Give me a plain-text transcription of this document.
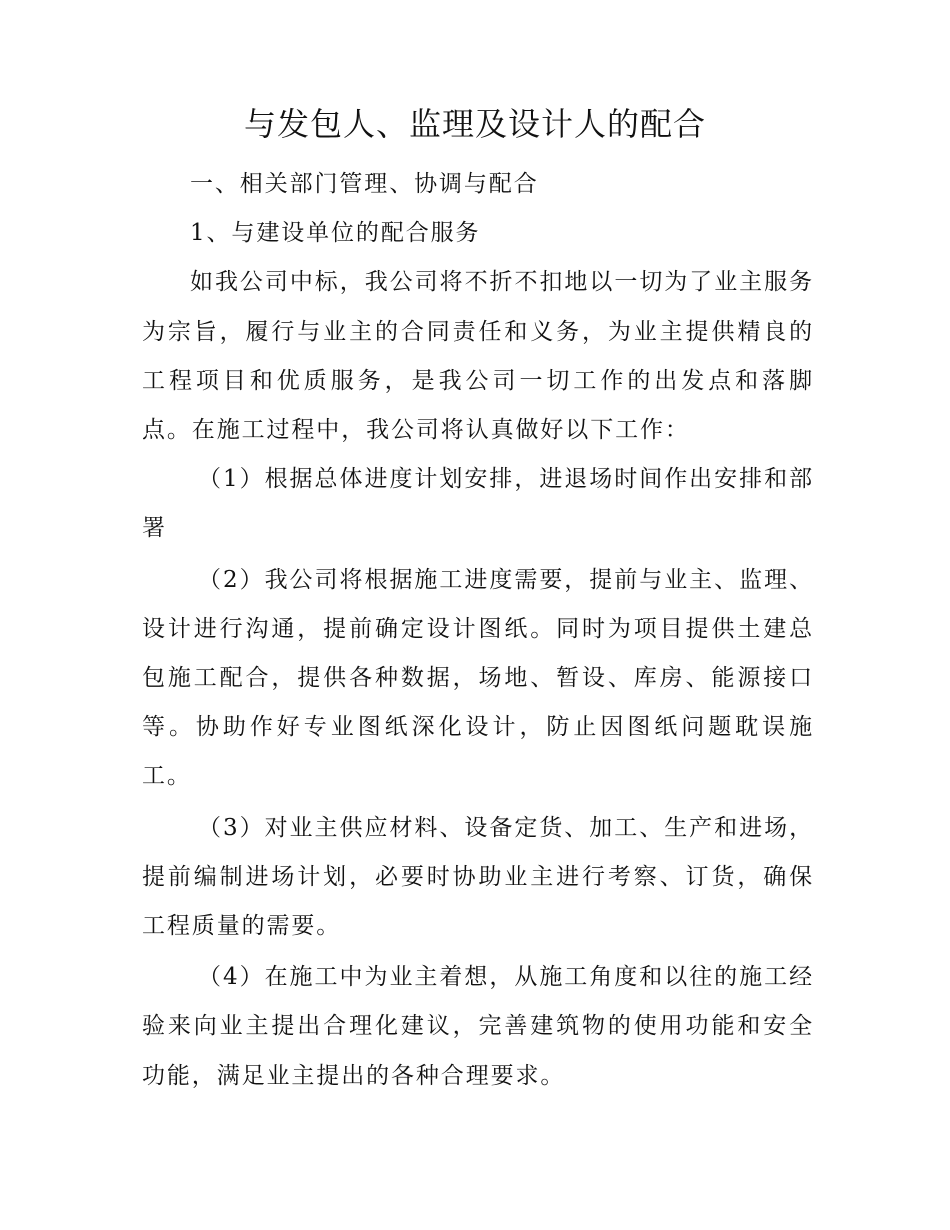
与发包人、监理及设计人的配合

一、相关部门管理、协调与配合

1、与建设单位的配合服务

如我公司中标，我公司将不折不扣地以一切为了业主服务为宗旨，履行与业主的合同责任和义务，为业主提供精良的工程项目和优质服务，是我公司一切工作的出发点和落脚点。在施工过程中，我公司将认真做好以下工作：

（1）根据总体进度计划安排，进退场时间作出安排和部署

（2）我公司将根据施工进度需要，提前与业主、监理、设计进行沟通，提前确定设计图纸。同时为项目提供土建总包施工配合，提供各种数据，场地、暂设、库房、能源接口等。协助作好专业图纸深化设计，防止因图纸问题耽误施工。

（3）对业主供应材料、设备定货、加工、生产和进场，提前编制进场计划，必要时协助业主进行考察、订货，确保工程质量的需要。

（4）在施工中为业主着想，从施工角度和以往的施工经验来向业主提出合理化建议，完善建筑物的使用功能和安全功能，满足业主提出的各种合理要求。
